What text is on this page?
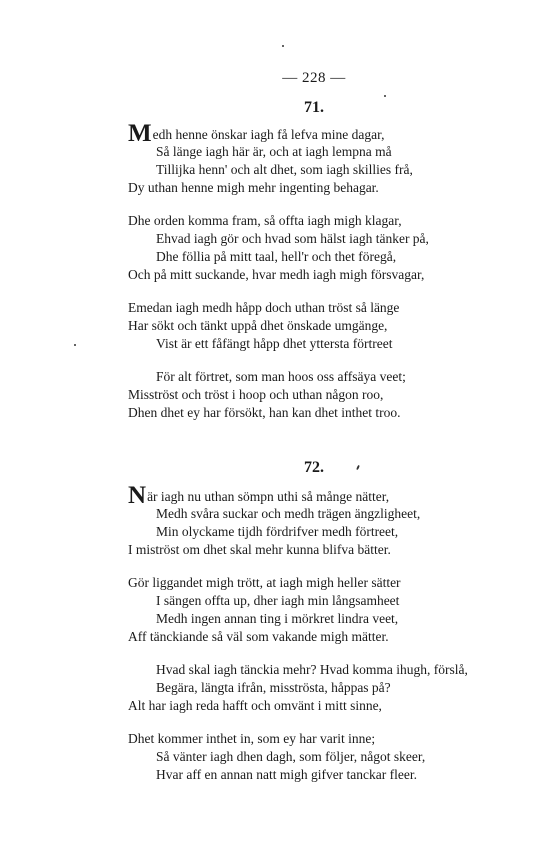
— 228 —
71.
Medh henne önskar iagh få lefva mine dagar,
Så länge iagh här är, och at iagh lempna må
Tillijka henn' och alt dhet, som iagh skillies frå,
Dy uthan henne migh mehr ingenting behagar.
Dhe orden komma fram, så offta iagh migh klagar,
Ehvad iagh gör och hvad som hälst iagh tänker på,
Dhe föllia på mitt taal, hell'r och thet föregå,
Och på mitt suckande, hvar medh iagh migh försvagar,
Emedan iagh medh håpp doch uthan tröst så länge
Har sökt och tänkt uppå dhet önskade umgänge,
Vist är ett fåfängt håpp dhet yttersta förtreet
För alt förtret, som man hoos oss affsäya veet;
Misströst och tröst i hoop och uthan någon roo,
Dhen dhet ey har försökt, han kan dhet inthet troo.
72.
När iagh nu uthan sömpn uthi så månge nätter,
Medh svåra suckar och medh trägen ängzligheet,
Min olyckame tijdh fördrifver medh förtreet,
I miströst om dhet skal mehr kunna blifva bätter.
Gör liggandet migh trött, at iagh migh heller sätter
I sängen offta up, dher iagh min långsamheet
Medh ingen annan ting i mörkret lindra veet,
Aff tänckiande så väl som vakande migh mätter.
Hvad skal iagh tänckia mehr? Hvad komma ihugh, förslå,
Begära, längta ifrån, misströsta, håppas på?
Alt har iagh reda hafft och omvänt i mitt sinne,
Dhet kommer inthet in, som ey har varit inne;
Så vänter iagh dhen dagh, som följer, något skeer,
Hvar aff en annan natt migh gifver tanckar fleer.
